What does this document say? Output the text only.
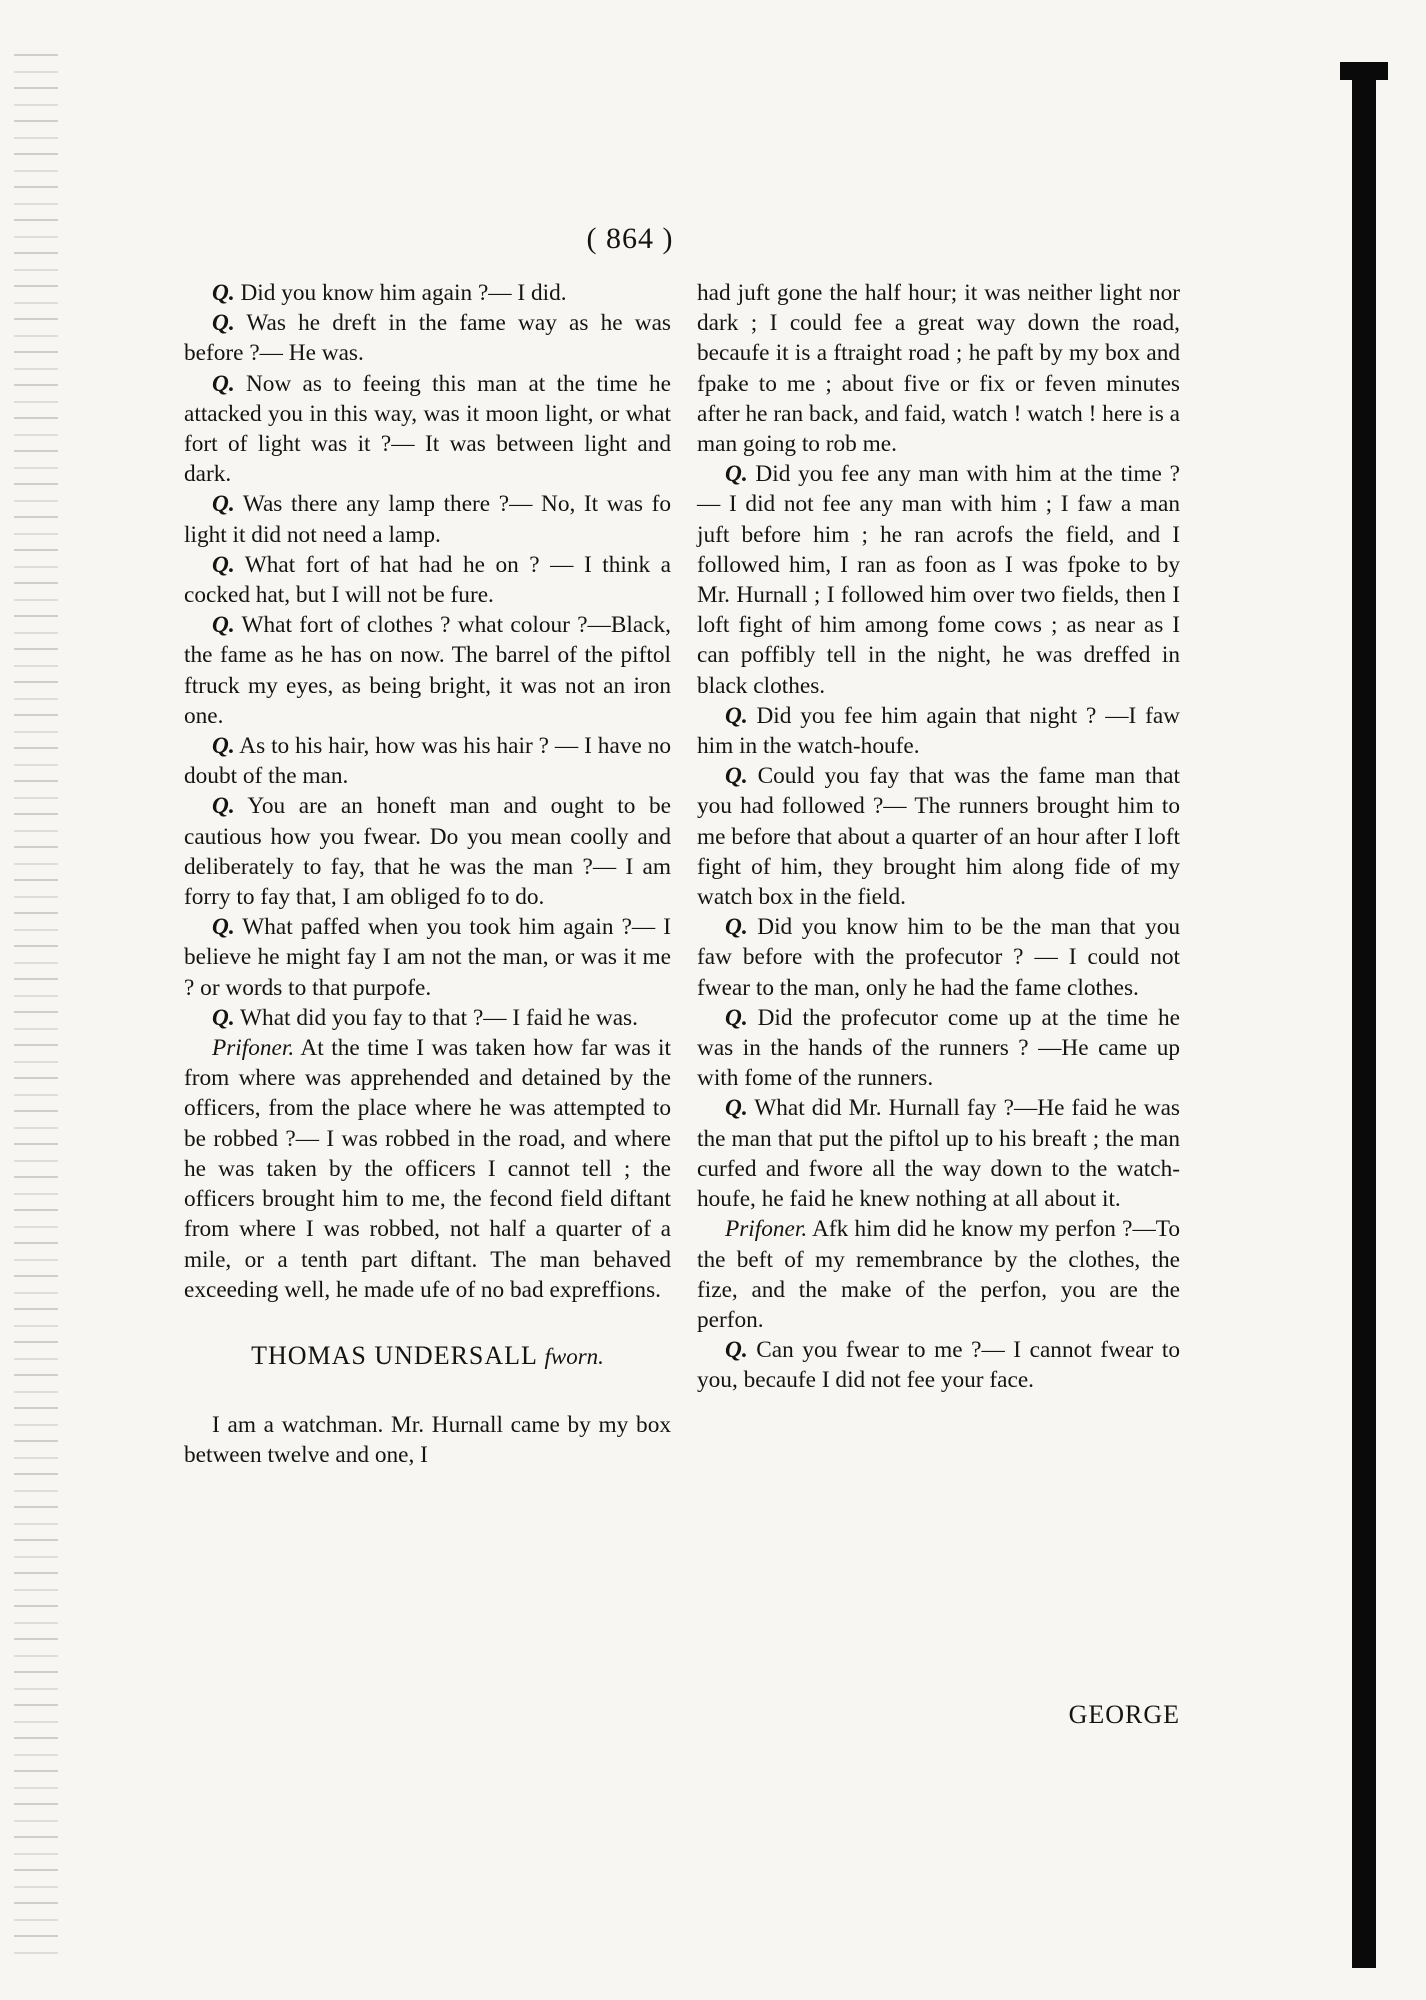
( 864 )

Q. Did you know him again ?— I did.

Q. Was he dreft in the fame way as he was before ?— He was.

Q. Now as to feeing this man at the time he attacked you in this way, was it moon light, or what fort of light was it ?— It was between light and dark.

Q. Was there any lamp there ?— No, It was fo light it did not need a lamp.

Q. What fort of hat had he on ? — I think a cocked hat, but I will not be fure.

Q. What fort of clothes ? what colour ?—Black, the fame as he has on now. The barrel of the piftol ftruck my eyes, as being bright, it was not an iron one.

Q. As to his hair, how was his hair ? — I have no doubt of the man.

Q. You are an honeft man and ought to be cautious how you fwear. Do you mean coolly and deliberately to fay, that he was the man ?— I am forry to fay that, I am obliged fo to do.

Q. What paffed when you took him again ?— I believe he might fay I am not the man, or was it me ? or words to that purpofe.

Q. What did you fay to that ?— I faid he was.

Prifoner. At the time I was taken how far was it from where was apprehended and detained by the officers, from the place where he was attempted to be robbed ?— I was robbed in the road, and where he was taken by the officers I cannot tell ; the officers brought him to me, the fecond field diftant from where I was robbed, not half a quarter of a mile, or a tenth part diftant. The man behaved exceeding well, he made ufe of no bad expreffions.

THOMAS UNDERSALL fworn.

I am a watchman. Mr. Hurnall came by my box between twelve and one, I

had juft gone the half hour; it was neither light nor dark ; I could fee a great way down the road, becaufe it is a ftraight road ; he paft by my box and fpake to me ; about five or fix or feven minutes after he ran back, and faid, watch ! watch ! here is a man going to rob me.

Q. Did you fee any man with him at the time ?— I did not fee any man with him ; I faw a man juft before him ; he ran acrofs the field, and I followed him, I ran as foon as I was fpoke to by Mr. Hurnall ; I followed him over two fields, then I loft fight of him among fome cows ; as near as I can poffibly tell in the night, he was dreffed in black clothes.

Q. Did you fee him again that night ? —I faw him in the watch-houfe.

Q. Could you fay that was the fame man that you had followed ?— The runners brought him to me before that about a quarter of an hour after I loft fight of him, they brought him along fide of my watch box in the field.

Q. Did you know him to be the man that you faw before with the profecutor ? — I could not fwear to the man, only he had the fame clothes.

Q. Did the profecutor come up at the time he was in the hands of the runners ? —He came up with fome of the runners.

Q. What did Mr. Hurnall fay ?—He faid he was the man that put the piftol up to his breaft ; the man curfed and fwore all the way down to the watch-houfe, he faid he knew nothing at all about it.

Prifoner. Afk him did he know my perfon ?—To the beft of my remembrance by the clothes, the fize, and the make of the perfon, you are the perfon.

Q. Can you fwear to me ?— I cannot fwear to you, becaufe I did not fee your face.

GEORGE
